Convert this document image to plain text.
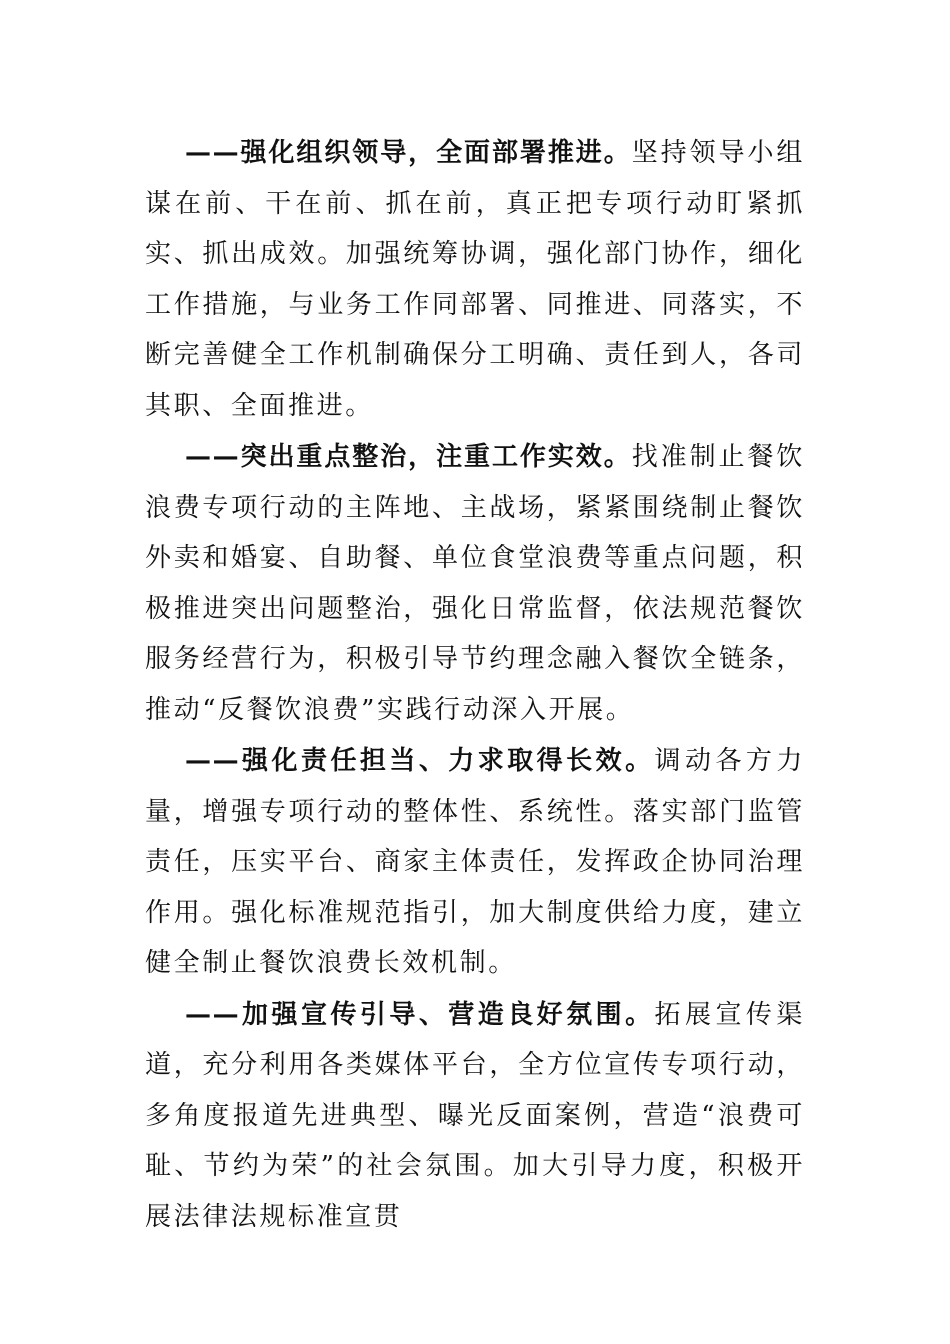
——强化组织领导，全面部署推进。坚持领导小组谋在前、干在前、抓在前，真正把专项行动盯紧抓实、抓出成效。加强统筹协调，强化部门协作，细化工作措施，与业务工作同部署、同推进、同落实，不断完善健全工作机制确保分工明确、责任到人，各司其职、全面推进。

——突出重点整治，注重工作实效。找准制止餐饮浪费专项行动的主阵地、主战场，紧紧围绕制止餐饮外卖和婚宴、自助餐、单位食堂浪费等重点问题，积极推进突出问题整治，强化日常监督，依法规范餐饮服务经营行为，积极引导节约理念融入餐饮全链条，推动“反餐饮浪费”实践行动深入开展。

——强化责任担当、力求取得长效。调动各方力量，增强专项行动的整体性、系统性。落实部门监管责任，压实平台、商家主体责任，发挥政企协同治理作用。强化标准规范指引，加大制度供给力度，建立健全制止餐饮浪费长效机制。

——加强宣传引导、营造良好氛围。拓展宣传渠道，充分利用各类媒体平台，全方位宣传专项行动，多角度报道先进典型、曝光反面案例，营造“浪费可耻、节约为荣”的社会氛围。加大引导力度，积极开展法律法规标准宣贯
